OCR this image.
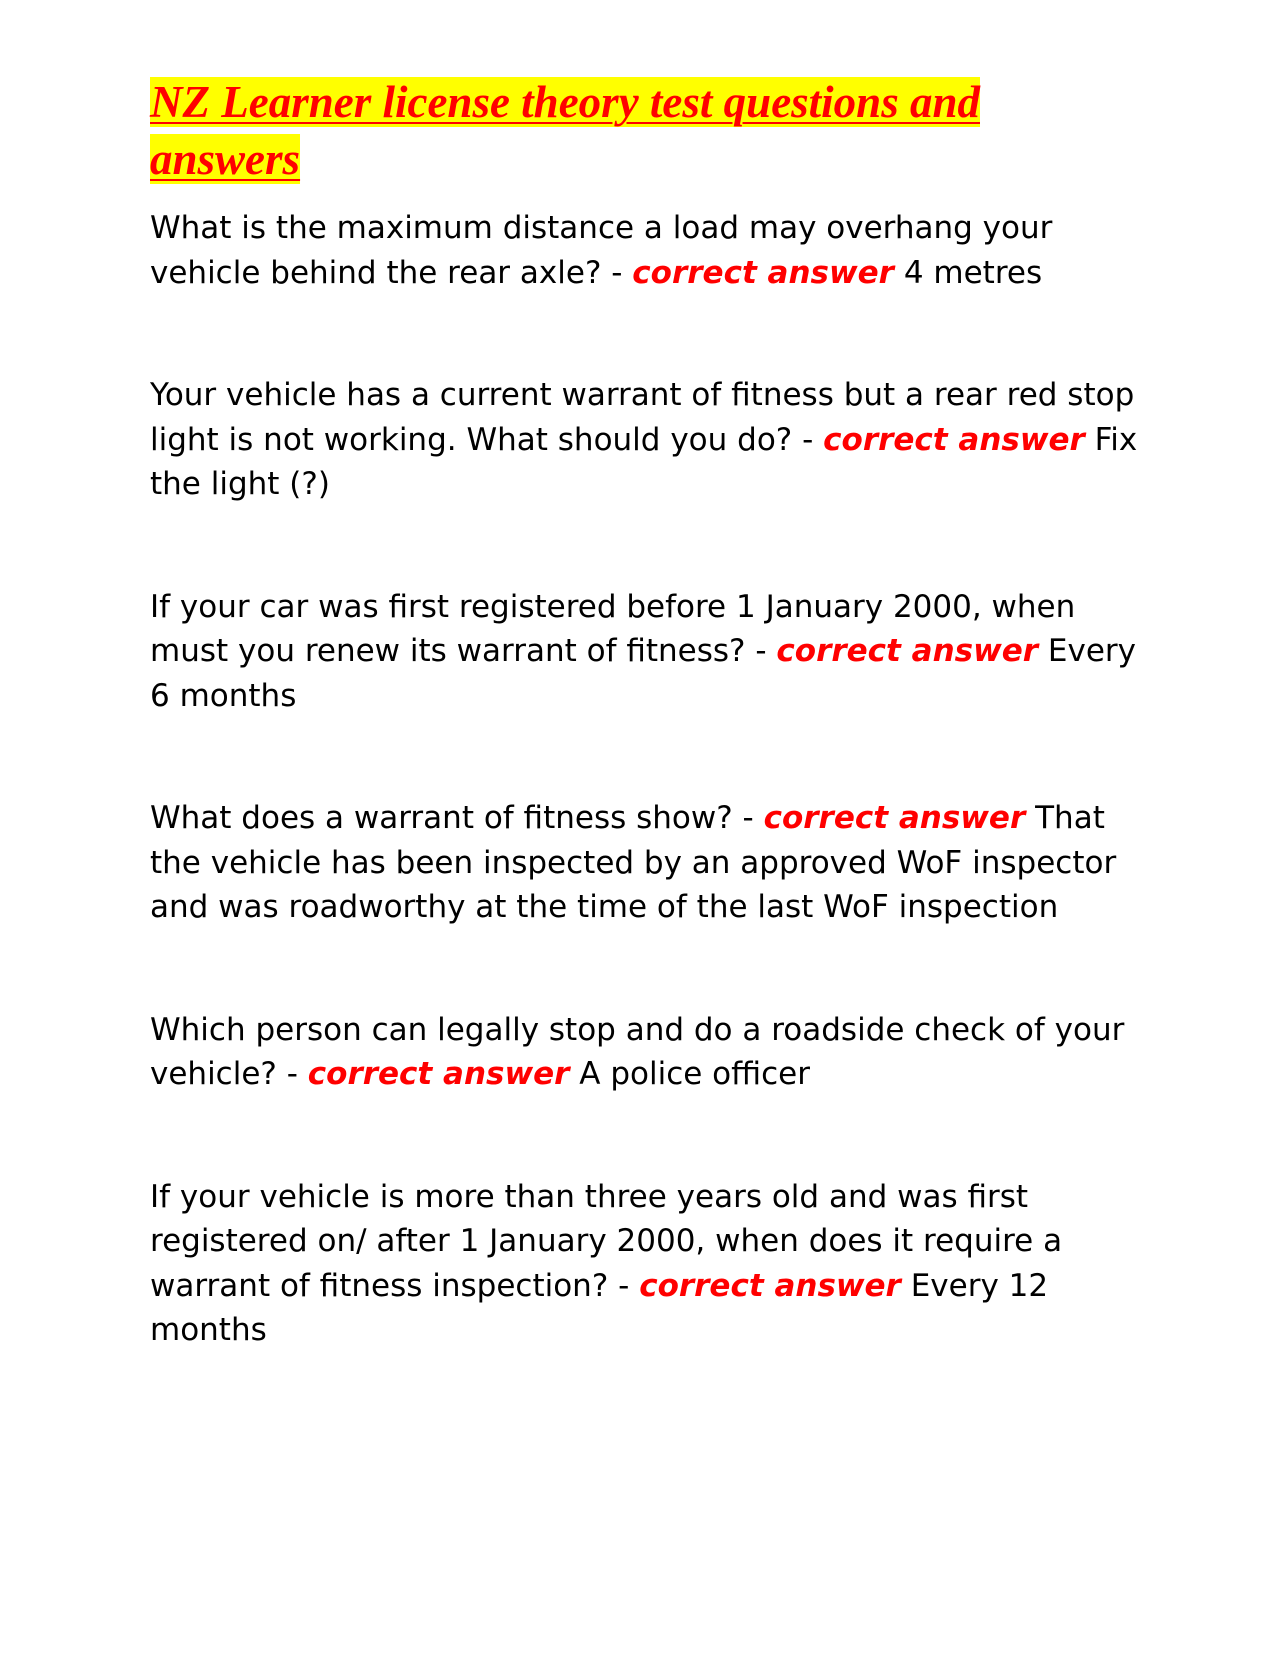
NZ Learner license theory test questions and answers

What is the maximum distance a load may overhang your vehicle behind the rear axle? - correct answer 4 metres

Your vehicle has a current warrant of fitness but a rear red stop light is not working. What should you do? - correct answer Fix the light (?)

If your car was first registered before 1 January 2000, when must you renew its warrant of fitness? - correct answer Every 6 months

What does a warrant of fitness show? - correct answer That the vehicle has been inspected by an approved WoF inspector and was roadworthy at the time of the last WoF inspection

Which person can legally stop and do a roadside check of your vehicle? - correct answer A police officer

If your vehicle is more than three years old and was first registered on/ after 1 January 2000, when does it require a warrant of fitness inspection? - correct answer Every 12 months
